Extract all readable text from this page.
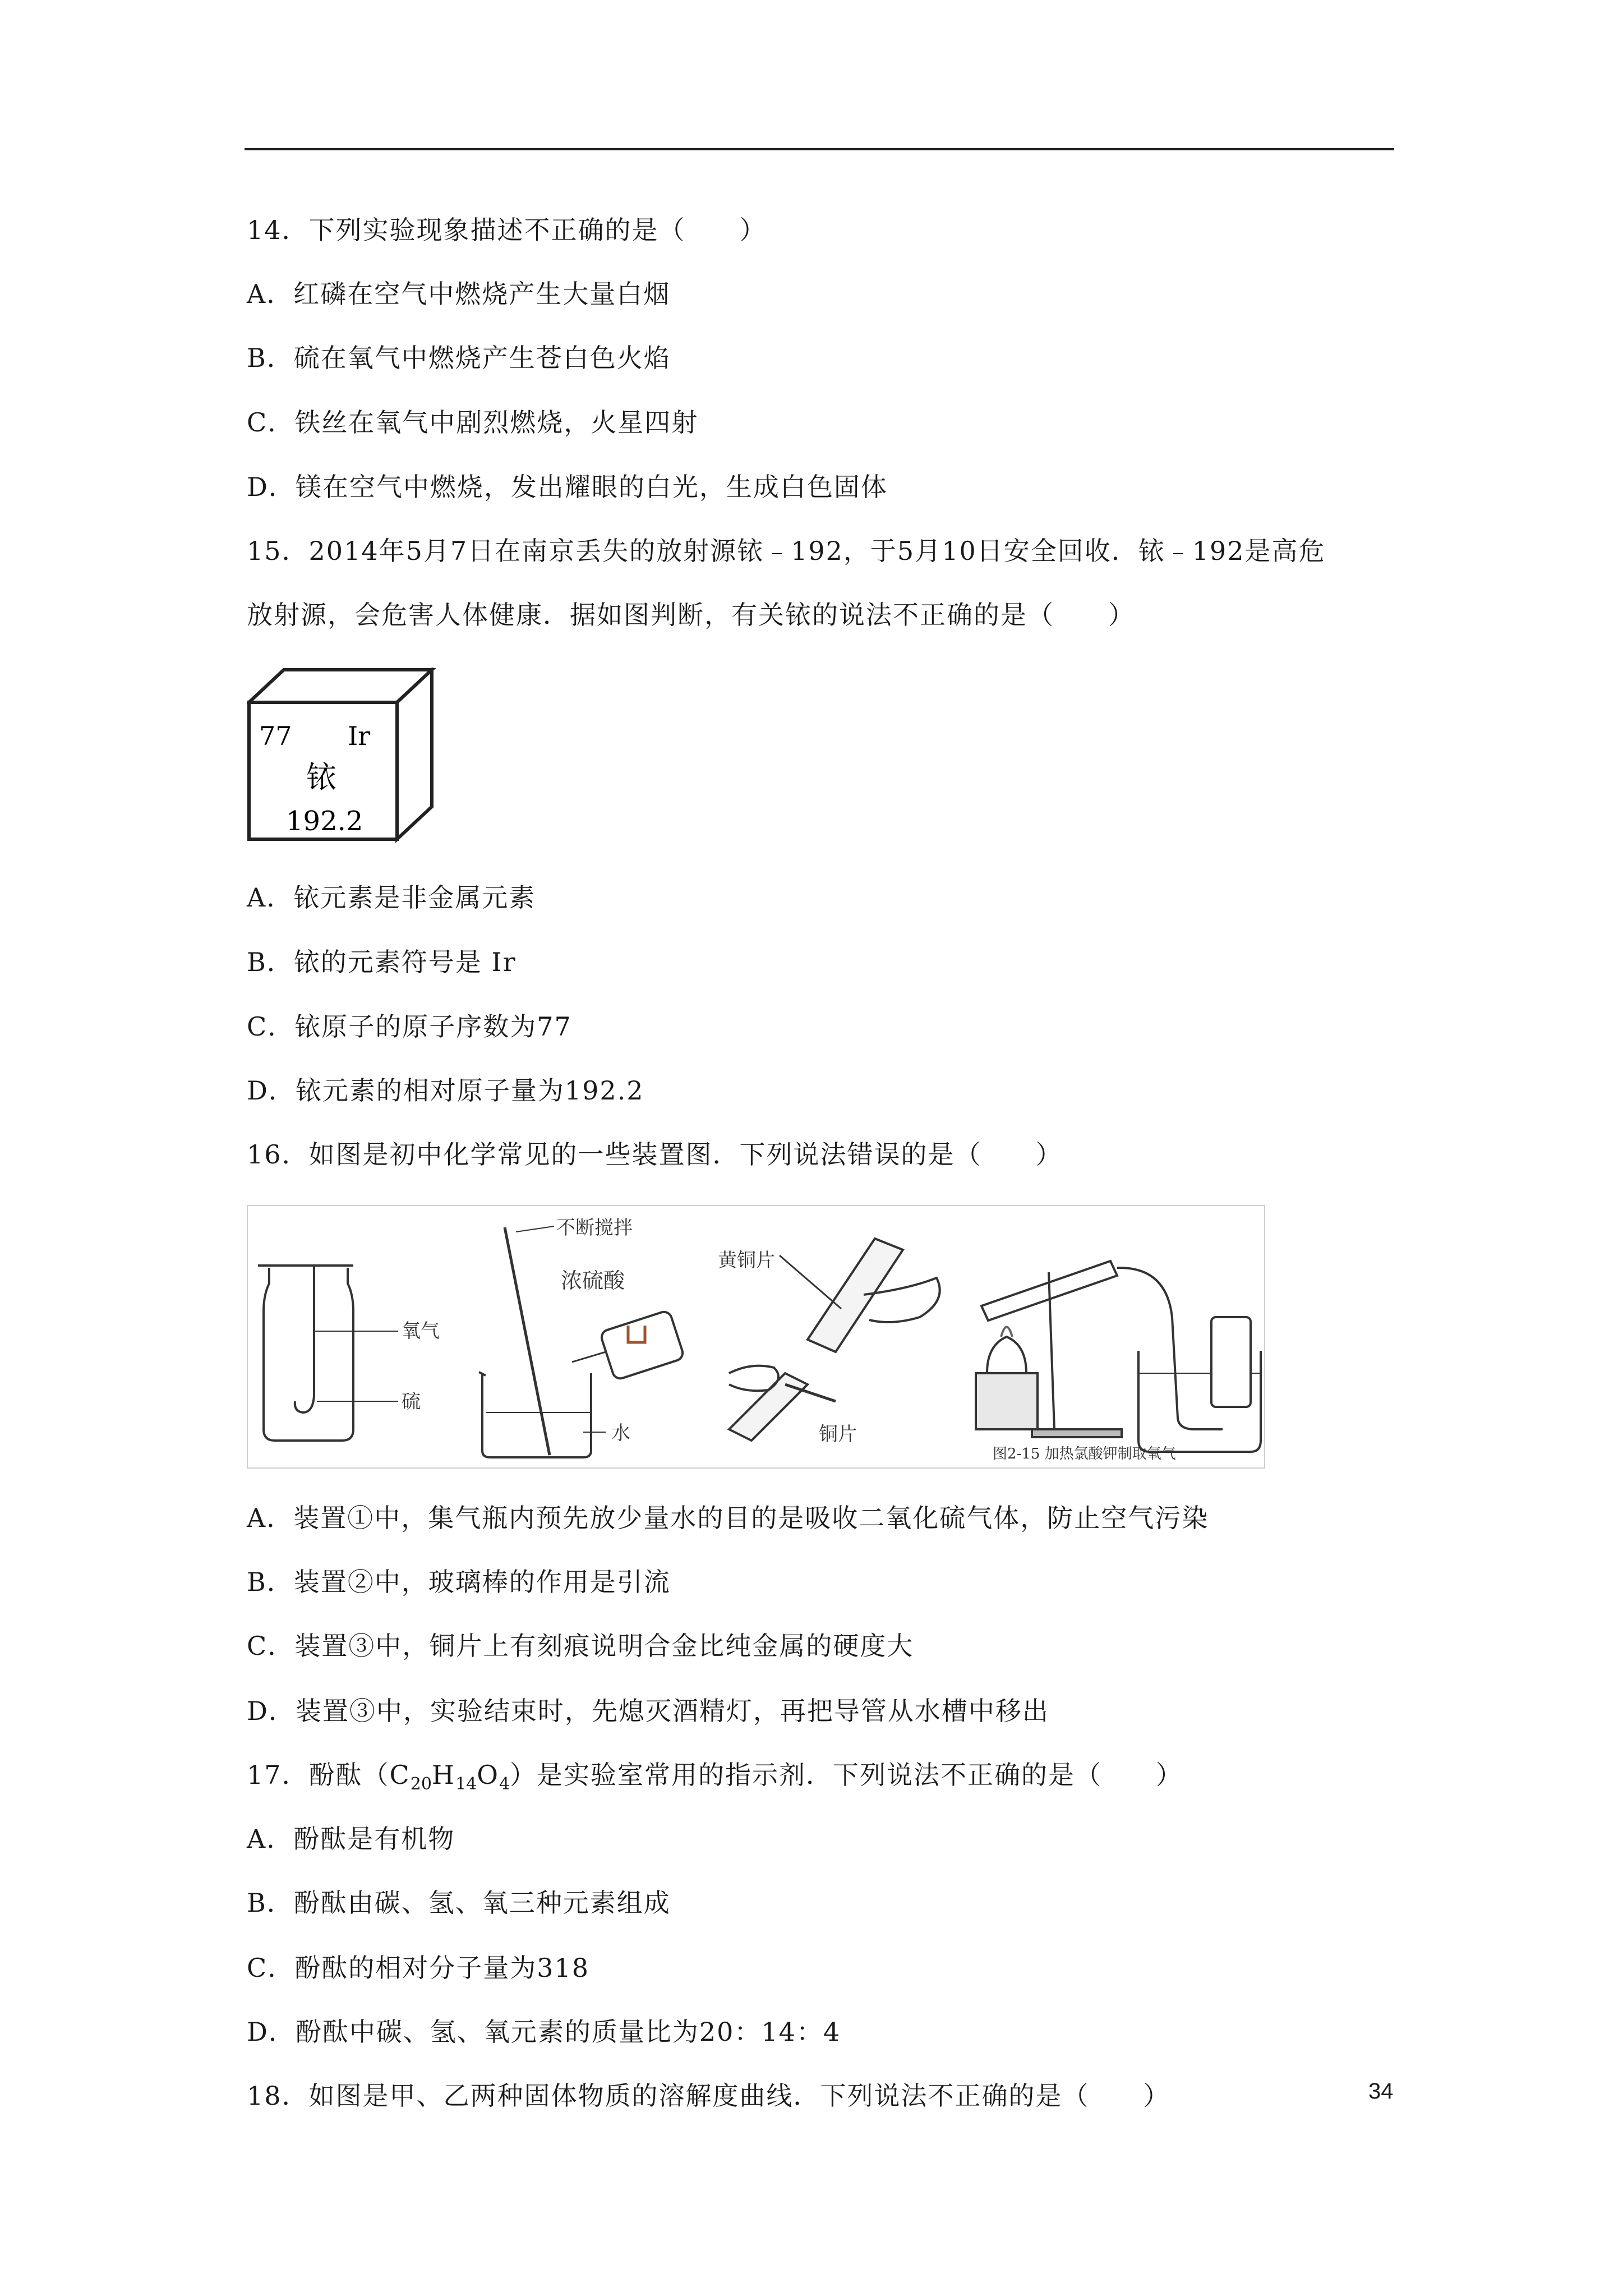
14．下列实验现象描述不正确的是（　　）
A．红磷在空气中燃烧产生大量白烟
B．硫在氧气中燃烧产生苍白色火焰
C．铁丝在氧气中剧烈燃烧，火星四射
D．镁在空气中燃烧，发出耀眼的白光，生成白色固体
15．2014年5月7日在南京丢失的放射源铱﹣192，于5月10日安全回收．铱﹣192是高危
放射源，会危害人体健康．据如图判断，有关铱的说法不正确的是（　　）
77 Ir
铱
192.2
A．铱元素是非金属元素
B．铱的元素符号是 Ir
C．铱原子的原子序数为77
D．铱元素的相对原子量为192.2
16．如图是初中化学常见的一些装置图．下列说法错误的是（　　）
氧气
硫
不断搅拌
浓硫酸
水
黄铜片
铜片
图2-15 加热氯酸钾制取氧气
A．装置①中，集气瓶内预先放少量水的目的是吸收二氧化硫气体，防止空气污染
B．装置②中，玻璃棒的作用是引流
C．装置③中，铜片上有刻痕说明合金比纯金属的硬度大
D．装置③中，实验结束时，先熄灭酒精灯，再把导管从水槽中移出
17．酚酞$(C_{20}H_{14}O_4)$是实验室常用的指示剂．下列说法不正确的是（　　）
A．酚酞是有机物
B．酚酞由碳、氢、氧三种元素组成
C．酚酞的相对分子量为318
D．酚酞中碳、氢、氧元素的质量比为20：14：4
18．如图是甲、乙两种固体物质的溶解度曲线．下列说法不正确的是（　　）	34
